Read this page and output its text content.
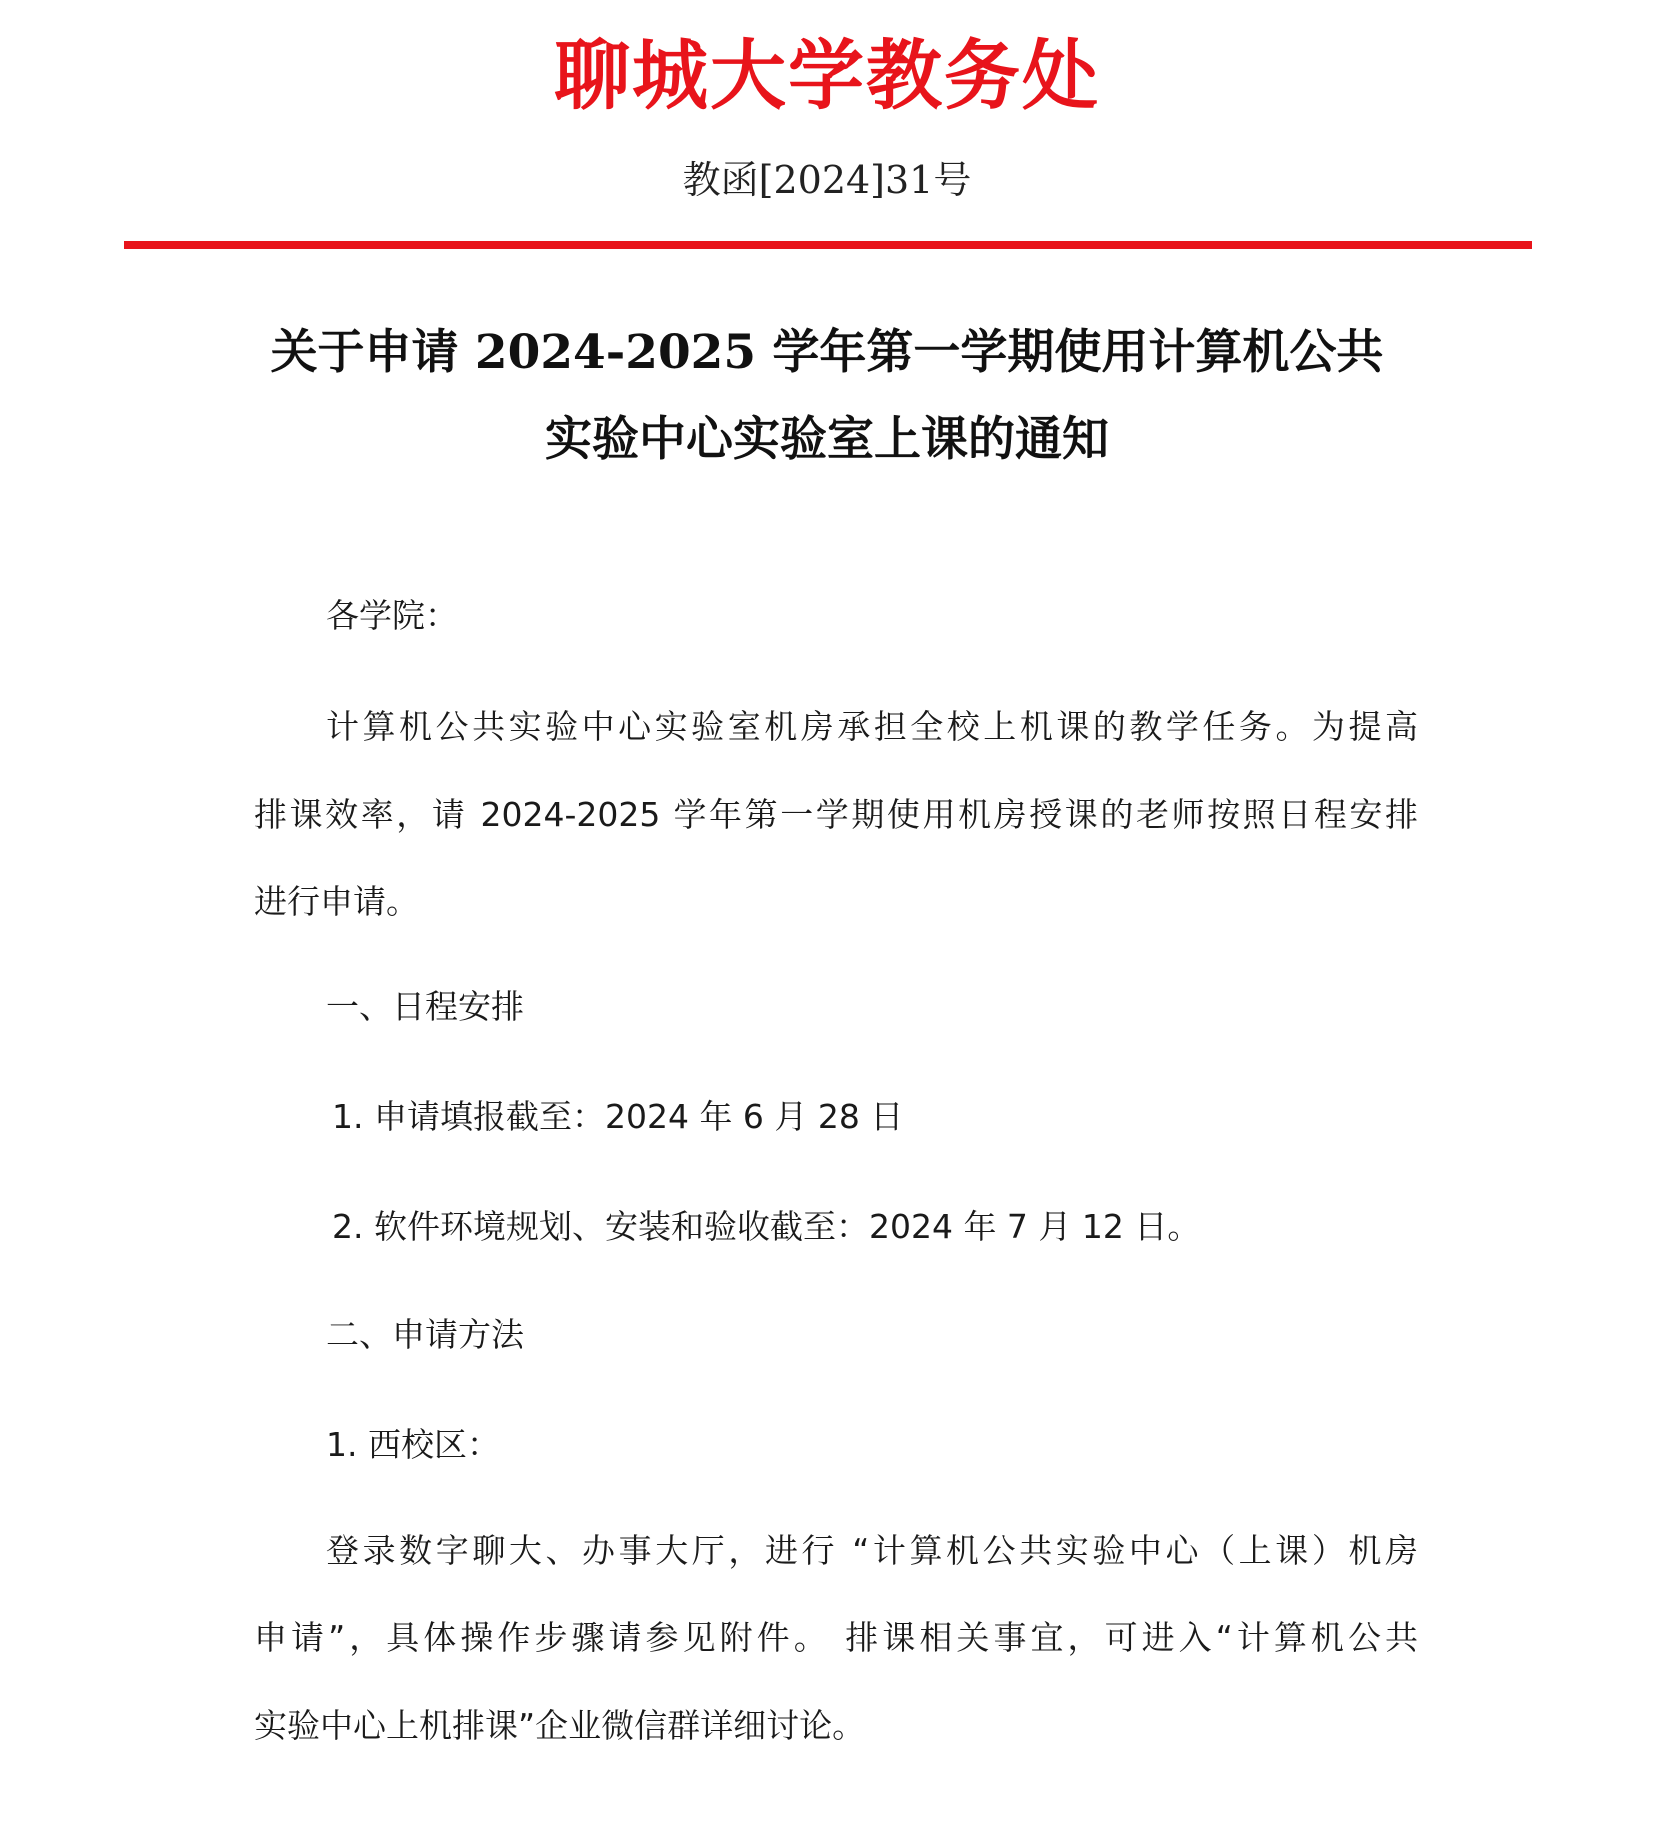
聊城大学教务处
教函[2024]31号
关于申请 2024-2025 学年第一学期使用计算机公共
实验中心实验室上课的通知
各学院：
计算机公共实验中心实验室机房承担全校上机课的教学任务。为提高
排课效率，请 2024-2025 学年第一学期使用机房授课的老师按照日程安排
进行申请。
一、日程安排
1. 申请填报截至：2024 年 6 月 28 日
2. 软件环境规划、安装和验收截至：2024 年 7 月 12 日。
二、申请方法
1. 西校区：
登录数字聊大、办事大厅，进行 “计算机公共实验中心（上课）机房
申请”，具体操作步骤请参见附件。 排课相关事宜，可进入“计算机公共
实验中心上机排课”企业微信群详细讨论。
